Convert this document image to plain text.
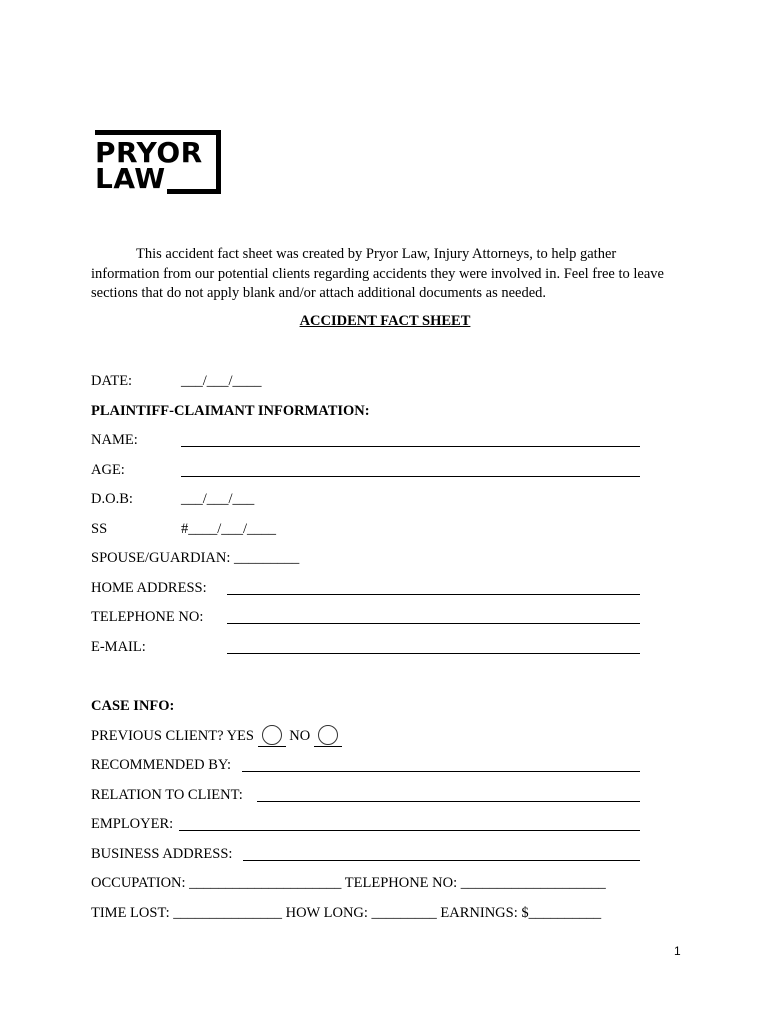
PRYOR
LAW
This accident fact sheet was created by Pryor Law, Injury Attorneys, to help gather information from our potential clients regarding accidents they were involved in. Feel free to leave sections that do not apply blank and/or attach additional documents as needed.
ACCIDENT FACT SHEET
DATE:	___/___/____
PLAINTIFF-CLAIMANT INFORMATION:
NAME:
AGE:
D.O.B:	___/___/___
SS	#____/___/____
SPOUSE/GUARDIAN: _________
HOME ADDRESS:
TELEPHONE NO:
E-MAIL:
CASE INFO:
PREVIOUS CLIENT? YES NO
RECOMMENDED BY:
RELATION TO CLIENT:
EMPLOYER:
BUSINESS ADDRESS:
OCCUPATION: _____________________ TELEPHONE NO: ____________________
TIME LOST: _______________ HOW LONG: _________ EARNINGS: $__________
1
